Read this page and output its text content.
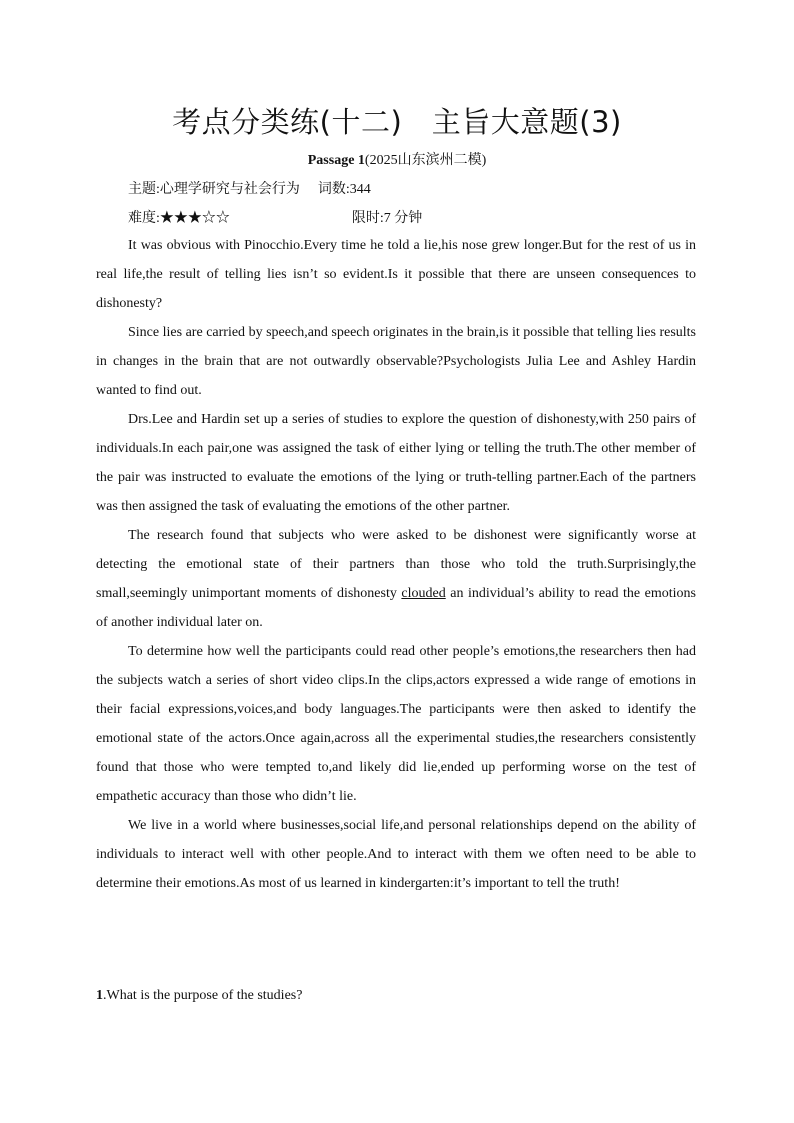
考点分类练(十二)　主旨大意题(3)
Passage 1(2025山东滨州二模)
主题:心理学研究与社会行为 词数:344
难度:★★★☆☆	限时:7 分钟

It was obvious with Pinocchio.Every time he told a lie,his nose grew longer.But for the rest of us in real life,the result of telling lies isn’t so evident.Is it possible that there are unseen consequences to dishonesty?

Since lies are carried by speech,and speech originates in the brain,is it possible that telling lies results in changes in the brain that are not outwardly observable?Psychologists Julia Lee and Ashley Hardin wanted to find out.

Drs.Lee and Hardin set up a series of studies to explore the question of dishonesty,with 250 pairs of individuals.In each pair,one was assigned the task of either lying or telling the truth.The other member of the pair was instructed to evaluate the emotions of the lying or truth-telling partner.Each of the partners was then assigned the task of evaluating the emotions of the other partner.

The research found that subjects who were asked to be dishonest were significantly worse at detecting the emotional state of their partners than those who told the truth.Surprisingly,the small,seemingly unimportant moments of dishonesty clouded an individual’s ability to read the emotions of another individual later on.

To determine how well the participants could read other people’s emotions,the researchers then had the subjects watch a series of short video clips.In the clips,actors expressed a wide range of emotions in their facial expressions,voices,and body languages.The participants were then asked to identify the emotional state of the actors.Once again,across all the experimental studies,the researchers consistently found that those who were tempted to,and likely did lie,ended up performing worse on the test of empathetic accuracy than those who didn’t lie.

We live in a world where businesses,social life,and personal relationships depend on the ability of individuals to interact well with other people.And to interact with them we often need to be able to determine their emotions.As most of us learned in kindergarten:it’s important to tell the truth!

1.What is the purpose of the studies?
